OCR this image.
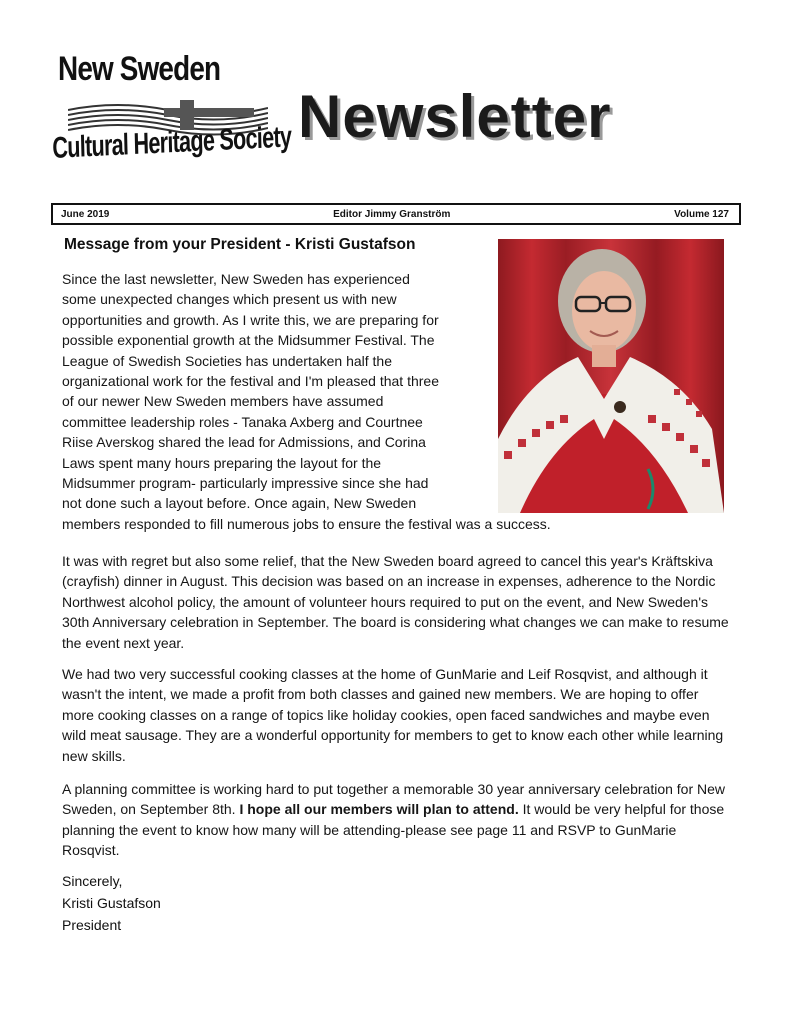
New Sweden
Cultural Heritage Society Newsletter
June 2019	Editor Jimmy Granström	Volume 127
Message from your President - Kristi Gustafson
Since the last newsletter, New Sweden has experienced
some unexpected changes which present us with new
opportunities and growth. As I write this, we are preparing for
possible exponential growth at the Midsummer Festival. The
League of Swedish Societies has undertaken half the
organizational work for the festival and I'm pleased that three
of our newer New Sweden members have assumed
committee leadership roles - Tanaka Axberg and Courtnee
Riise Averskog shared the lead for Admissions, and Corina
Laws spent many hours preparing the layout for the
Midsummer program- particularly impressive since she had
not done such a layout before. Once again, New Sweden
members responded to fill numerous jobs to ensure the festival was a success.
It was with regret but also some relief, that the New Sweden board agreed to cancel this year's Kräftskiva (crayfish) dinner in August. This decision was based on an increase in expenses, adherence to the Nordic Northwest alcohol policy, the amount of volunteer hours required to put on the event, and New Sweden's 30th Anniversary celebration in September. The board is considering what changes we can make to resume the event next year.
We had two very successful cooking classes at the home of GunMarie and Leif Rosqvist, and although it wasn't the intent, we made a profit from both classes and gained new members. We are hoping to offer more cooking classes on a range of topics like holiday cookies, open faced sandwiches and maybe even wild meat sausage. They are a wonderful opportunity for members to get to know each other while learning new skills.
A planning committee is working hard to put together a memorable 30 year anniversary celebration for New Sweden, on September 8th. I hope all our members will plan to attend. It would be very helpful for those planning the event to know how many will be attending-please see page 11 and RSVP to GunMarie Rosqvist.
Sincerely,
Kristi Gustafson
President
